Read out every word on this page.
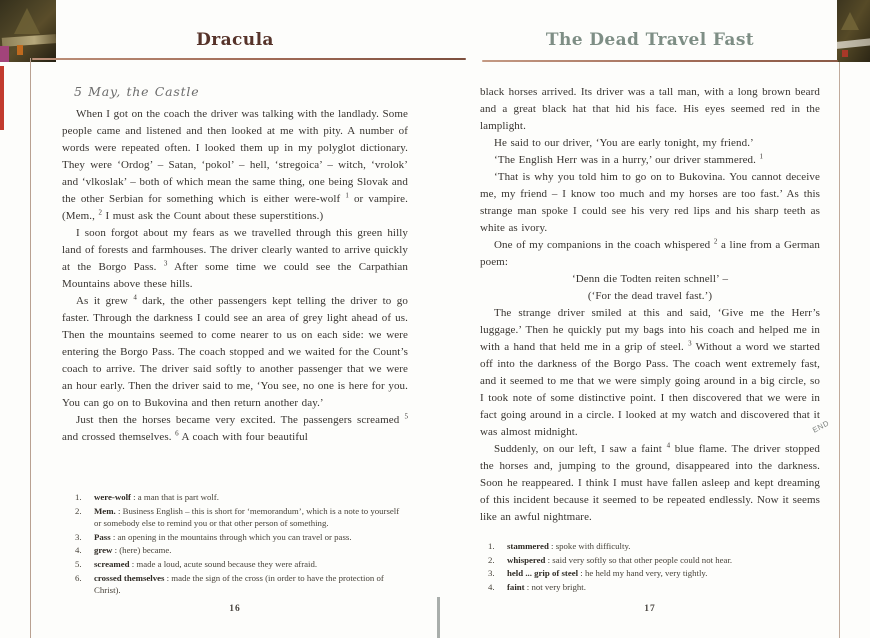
Dracula	The Dead Travel Fast
5 May, the Castle

When I got on the coach the driver was talking with the landlady. Some people came and listened and then looked at me with pity. A number of words were repeated often. I looked them up in my polyglot dictionary. They were ‘Ordog’ – Satan, ‘pokol’ – hell, ‘stregoica’ – witch, ‘vrolok’ and ‘vlkoslak’ – both of which mean the same thing, one being Slovak and the other Serbian for something which is either were-wolf $^1$ or vampire. (Mem., $^2$ I must ask the Count about these superstitions.)

I soon forgot about my fears as we travelled through this green hilly land of forests and farmhouses. The driver clearly wanted to arrive quickly at the Borgo Pass. $^3$ After some time we could see the Carpathian Mountains above these hills.

As it grew $^4$ dark, the other passengers kept telling the driver to go faster. Through the darkness I could see an area of grey light ahead of us. Then the mountains seemed to come nearer to us on each side: we were entering the Borgo Pass. The coach stopped and we waited for the Count’s coach to arrive. The driver said softly to another passenger that we were an hour early. Then the driver said to me, ‘You see, no one is here for you. You can go on to Bukovina and then return another day.’

Just then the horses became very excited. The passengers screamed $^5$ and crossed themselves. $^6$ A coach with four beautiful

black horses arrived. Its driver was a tall man, with a long brown beard and a great black hat that hid his face. His eyes seemed red in the lamplight.

He said to our driver, ‘You are early tonight, my friend.’

‘The English Herr was in a hurry,’ our driver stammered. $^1$

‘That is why you told him to go on to Bukovina. You cannot deceive me, my friend – I know too much and my horses are too fast.’ As this strange man spoke I could see his very red lips and his sharp teeth as white as ivory.

One of my companions in the coach whispered $^2$ a line from a German poem:

‘Denn die Todten reiten schnell’ –

(‘For the dead travel fast.’)

The strange driver smiled at this and said, ‘Give me the Herr’s luggage.’ Then he quickly put my bags into his coach and helped me in with a hand that held me in a grip of steel. $^3$ Without a word we started off into the darkness of the Borgo Pass. The coach went extremely fast, and it seemed to me that we were simply going around in a big circle, so I took note of some distinctive point. I then discovered that we were in fact going around in a circle. I looked at my watch and discovered that it was almost midnight.

Suddenly, on our left, I saw a faint $^4$ blue flame. The driver stopped the horses and, jumping to the ground, disappeared into the darkness. Soon he reappeared. I think I must have fallen asleep and kept dreaming of this incident because it seemed to be repeated endlessly. Now it seems like an awful nightmare.

1.	were-wolf : a man that is part wolf.
2.	Mem. : Business English – this is short for ‘memorandum’, which is a note to yourself or somebody else to remind you or that other person of something.
3.	Pass : an opening in the mountains through which you can travel or pass.
4.	grew : (here) became.
5.	screamed : made a loud, acute sound because they were afraid.
6.	crossed themselves : made the sign of the cross (in order to have the protection of Christ).
1.	stammered : spoke with difficulty.
2.	whispered : said very softly so that other people could not hear.
3.	held ... grip of steel : he held my hand very, very tightly.
4.	faint : not very bright.
END
16	17
